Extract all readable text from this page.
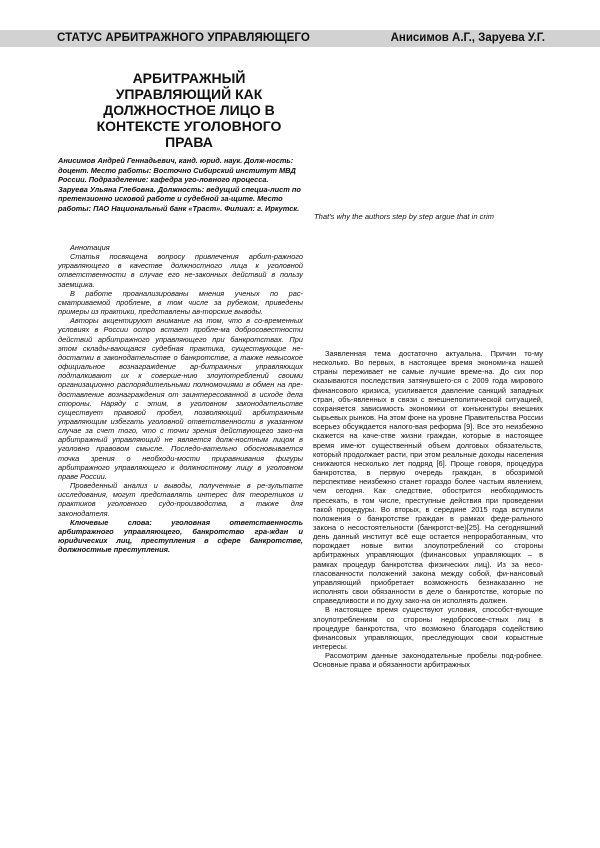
СТАТУС АРБИТРАЖНОГО УПРАВЛЯЮЩЕГО	Анисимов А.Г., Заруева У.Г.
АРБИТРАЖНЫЙ
УПРАВЛЯЮЩИЙ КАК
ДОЛЖНОСТНОЕ ЛИЦО В
КОНТЕКСТЕ УГОЛОВНОГО
ПРАВА

Анисимов Андрей Геннадьевич, канд. юрид. наук. Долж-ность: доцент. Место работы: Восточно Сибирский институт МВД России. Подразделение: кафедра уго-ловного процесса.

Заруева Ульяна Глебовна. Должность: ведущий специа-лист по претензионно исковой работе и судебной за-щите. Место работы: ПАО Национальный банк «Траст». Филиал: г. Иркутск.

Аннотация

Статья посвящена вопросу привлечения арбит-ражного управляющего в качестве должностного лица к уголовной ответственности в случае его не-законных действий в пользу заемщика.

В работе проанализированы мнения ученых по рас-сматриваемой проблеме, в том числе за рубежом, приведены примеры из практики, представлены ав-торские выводы.

Авторы акцентируют внимание на том, что в со-временных условиях в России остро встает пробле-ма добросовестности действий арбитражного управляющего при банкротствах. При этом склады-вающаяся судебная практика, существующие не-достатки в законодательстве о банкротстве, а также невысокое официальное вознаграждение ар-битражных управляющих подталкивают их к соверше-нию злоупотреблений своими организационно распорядительными полномочиями в обмен на пре-доставление вознаграждения от заинтересованной в исходе дела стороны. Наряду с этим, в уголовном законодательстве существует правовой пробел, позволяющий арбитражным управляющим избегать уголовной ответственности в указанном случае за счет того, что с точки зрения действующего зако-на арбитражный управляющий не является долж-ностным лицом в уголовно правовом смысле. Последо-вательно обосновывается точка зрения о необходи-мости приравнивания фигуры арбитражного управляющего к должностному лицу в уголовном праве России.

Проведенный анализ и выводы, полученные в ре-зультате исследования, могут представлять интерес для теоретиков и практиков уголовного судо-производства, а также для законодателя.

Ключевые слова: уголовная ответственность арбитражного управляющего, банкротство гра-ждан и юридических лиц, преступления в сфере банкротстве, должностные преступления.

That's why the authors step by step argue that in crim

Заявленная тема достаточно актуальна. Причин то-му несколько. Во первых, в настоящее время экономи-ка нашей страны переживает не самые лучшие време-на. До сих пор сказываются последствия затянувшего-ся с 2009 года мирового финансового кризиса, усиливается давление санкций западных стран, объ-явленных в связи с внешнеполитической ситуацией, сохраняется зависимость экономики от конъюнктуры внешних сырьевых рынков. На этом фоне на уровне Правительства России всерьез обсуждается налого-вая реформа [9]. Все это неизбежно скажется на каче-стве жизни граждан, которые в настоящее время име-ют существенный объем долговых обязательств, который продолжает расти, при этом реальные доходы населения снижаются несколько лет подряд [6]. Проще говоря, процедура банкротства, в первую очередь граждан, в обозримой перспективе неизбежно станет гораздо более частым явлением, чем сегодня. Как следствие, обострится необходимость пресекать, в том числе, преступные действия при проведении такой процедуры. Во вторых, в середине 2015 года вступили положения о банкротстве граждан в рамках феде-рального закона о несостоятельности (банкротст-ве)[25]. На сегодняшний день данный институт всё еще остается непроработанным, что порождает новые витки злоупотреблений со стороны арбитражных управляющих (финансовых управляющих – в рамках процедур банкротства физических лиц). Из за несо-гласованности положений закона между собой, фи-нансовый управляющий приобретает возможность безнаказанно не исполнять свои обязанности в деле о банкротстве, которые по справедливости и по духу зако-на он исполнять должен.

В настоящее время существуют условия, способст-вующие злоупотреблениям со стороны недобросове-стных лиц в процедуре банкротства, что возможно благодаря содействию финансовых управляющих, преследующих свои корыстные интересы.

Рассмотрим данные законодательные пробелы под-робнее. Основные права и обязанности арбитражных
